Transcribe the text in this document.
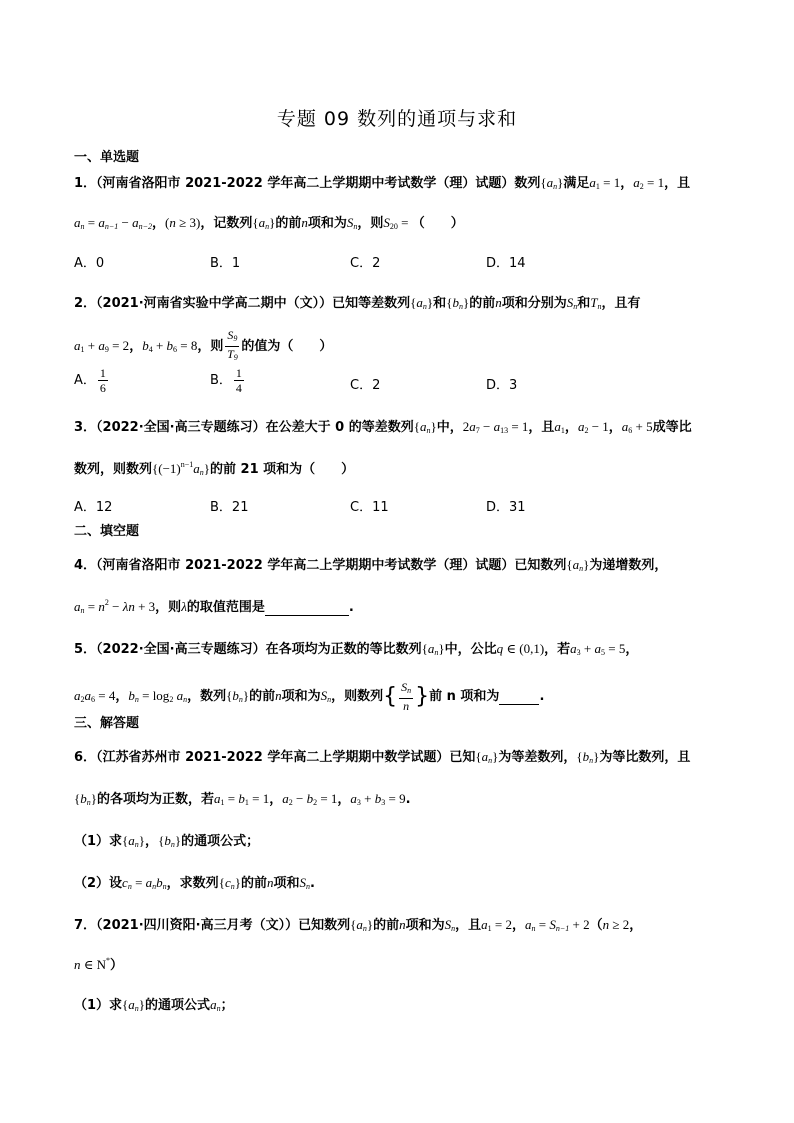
专题 09 数列的通项与求和
一、单选题
1．（河南省洛阳市 2021-2022 学年高二上学期期中考试数学（理）试题）数列$\{a_n\}$满足$a_1 = 1$，$a_2 = 1$，且
$a_n = a_{n-1} - a_{n-2}$，(n ≥ 3)，记数列$\{a_n\}$的前n项和为$S_n$，则$S_{20}$ = （　　）
A．0	B．1	C．2	D．14
2．（2021·河南省实验中学高二期中（文））已知等差数列$\{a_n\}$和$\{b_n\}$的前n项和分别为$S_n$和$T_n$，且有
$a_1 + a_9 = 2$，$b_4 + b_6 = 8$，则 $\frac{S_9}{T_9}$ 的值为（　　）
A． $\frac{1}{6}$	B． $\frac{1}{4}$	C．2	D．3
3．（2022·全国·高三专题练习）在公差大于 0 的等差数列$\{a_n\}$中，$2a_7 - a_{13} = 1$，且$a_1$，$a_2 - 1$，$a_6 + 5$成等比
数列，则数列$\{(-1)^{n-1}a_n\}$的前 21 项和为（　　）
A．12	B．21	C．11	D．31
二、填空题
4．（河南省洛阳市 2021-2022 学年高二上学期期中考试数学（理）试题）已知数列$\{a_n\}$为递增数列，
$a_n = n^2 - \lambda n + 3$，则λ的取值范围是	.
5．（2022·全国·高三专题练习）在各项均为正数的等比数列$\{a_n\}$中，公比q ∈ (0,1)，若$a_3 + a_5 = 5$，
$a_2a_6 = 4$，$b_n = \log_2 a_n$，数列$\{b_n\}$的前n项和为$S_n$，则数列{ $\frac{S_n}{n}$ }前 n 项和为	.
三、解答题
6．（江苏省苏州市 2021-2022 学年高二上学期期中数学试题）已知$\{a_n\}$为等差数列，$\{b_n\}$为等比数列，且
$\{b_n\}$的各项均为正数，若$a_1 = b_1 = 1$，$a_2 - b_2 = 1$，$a_3 + b_3 = 9$.
（1）求$\{a_n\}$，$\{b_n\}$的通项公式；
（2）设$c_n = a_nb_n$，求数列$\{c_n\}$的前n项和$S_n$.
7．（2021·四川资阳·高三月考（文））已知数列$\{a_n\}$的前n项和为$S_n$，且$a_1 = 2$，$a_n = S_{n-1} + 2(n \ge 2$，
n ∈ N*）
（1）求$\{a_n\}$的通项公式$a_n$；
